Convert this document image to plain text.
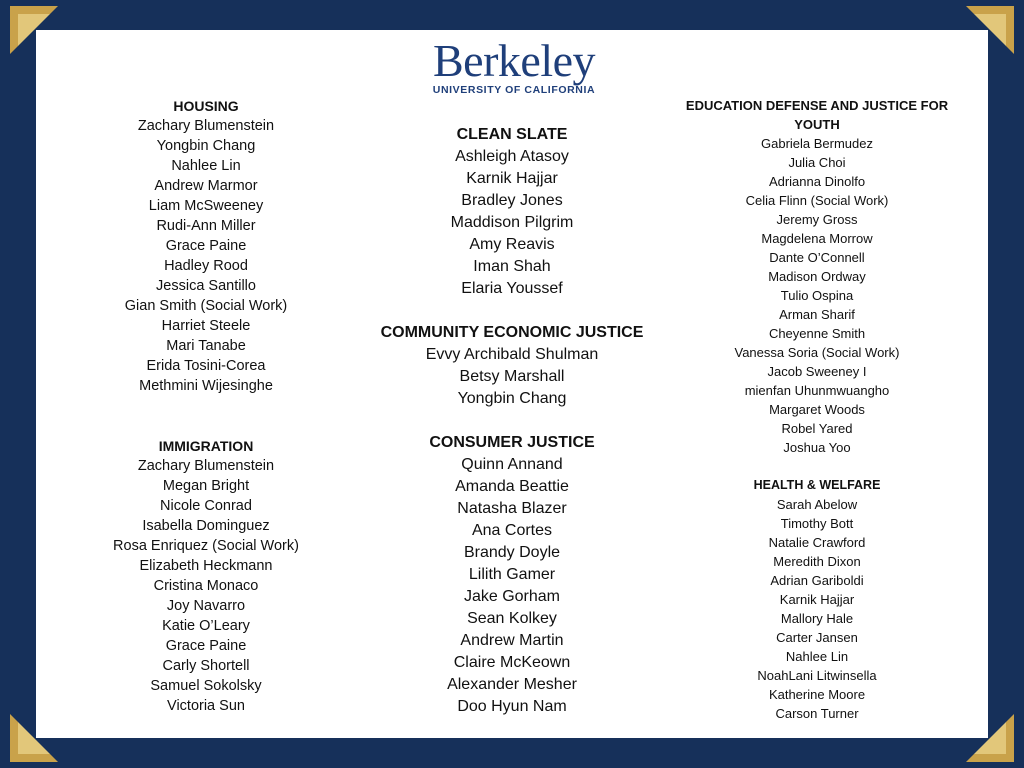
Berkeley
UNIVERSITY OF CALIFORNIA
HOUSING
Zachary Blumenstein
Yongbin Chang
Nahlee Lin
Andrew Marmor
Liam McSweeney
Rudi-Ann Miller
Grace Paine
Hadley Rood
Jessica Santillo
Gian Smith (Social Work)
Harriet Steele
Mari Tanabe
Erida Tosini-Corea
Methmini Wijesinghe
IMMIGRATION
Zachary Blumenstein
Megan Bright
Nicole Conrad
Isabella Dominguez
Rosa Enriquez (Social Work)
Elizabeth Heckmann
Cristina Monaco
Joy Navarro
Katie O’Leary
Grace Paine
Carly Shortell
Samuel Sokolsky
Victoria Sun
CLEAN SLATE
Ashleigh Atasoy
Karnik Hajjar
Bradley Jones
Maddison Pilgrim
Amy Reavis
Iman Shah
Elaria Youssef
COMMUNITY ECONOMIC JUSTICE
Evvy Archibald Shulman
Betsy Marshall
Yongbin Chang
CONSUMER JUSTICE
Quinn Annand
Amanda Beattie
Natasha Blazer
Ana Cortes
Brandy Doyle
Lilith Gamer
Jake Gorham
Sean Kolkey
Andrew Martin
Claire McKeown
Alexander Mesher
Doo Hyun Nam
EDUCATION DEFENSE AND JUSTICE FOR
YOUTH
Gabriela Bermudez
Julia Choi
Adrianna Dinolfo
Celia Flinn (Social Work)
Jeremy Gross
Magdelena Morrow
Dante O’Connell
Madison Ordway
Tulio Ospina
Arman Sharif
Cheyenne Smith
Vanessa Soria (Social Work)
Jacob Sweeney I
mienfan Uhunmwuangho
Margaret Woods
Robel Yared
Joshua Yoo
HEALTH & WELFARE
Sarah Abelow
Timothy Bott
Natalie Crawford
Meredith Dixon
Adrian Gariboldi
Karnik Hajjar
Mallory Hale
Carter Jansen
Nahlee Lin
NoahLani Litwinsella
Katherine Moore
Carson Turner
